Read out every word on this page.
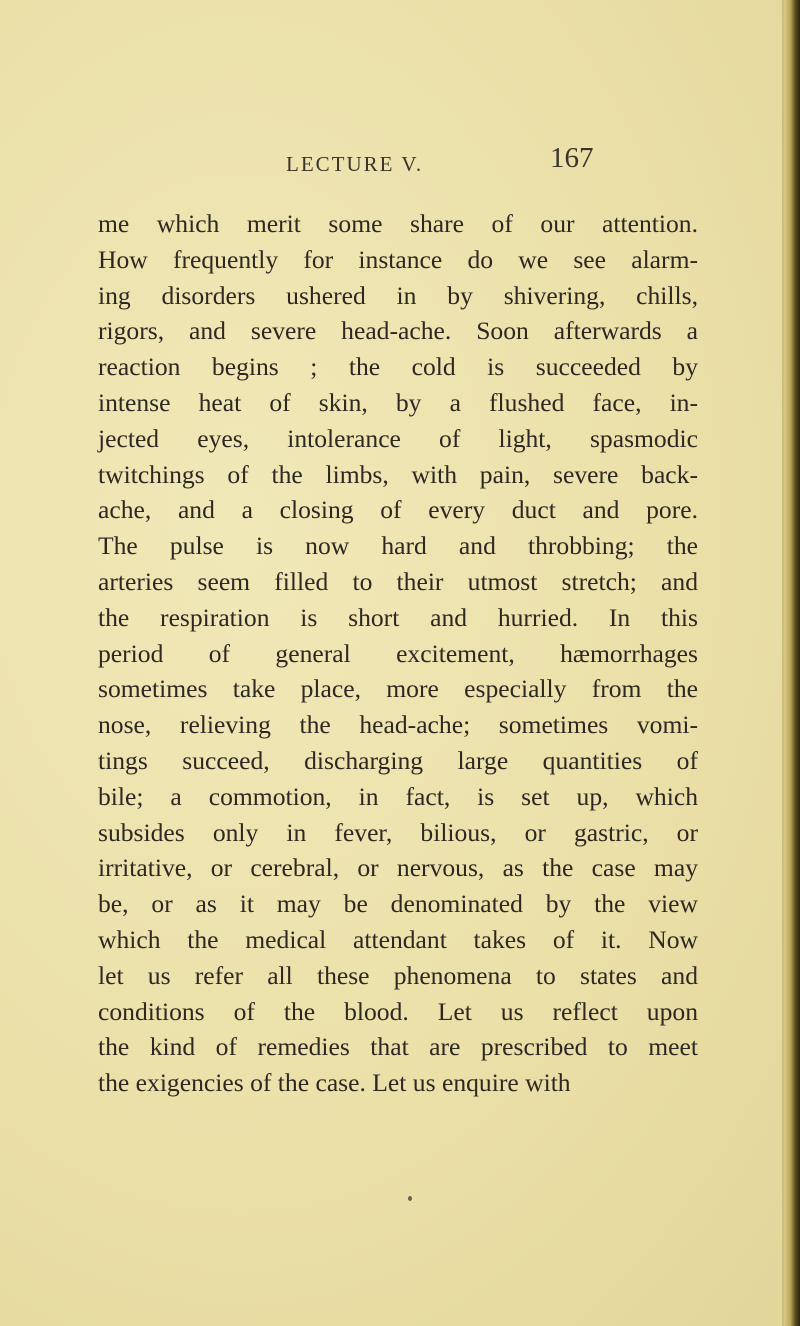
LECTURE V.	167
me which merit some share of our attention.
How frequently for instance do we see alarm-
ing disorders ushered in by shivering, chills,
rigors, and severe head-ache. Soon afterwards a
reaction begins ; the cold is succeeded by
intense heat of skin, by a flushed face, in-
jected eyes, intolerance of light, spasmodic
twitchings of the limbs, with pain, severe back-
ache, and a closing of every duct and pore.
The pulse is now hard and throbbing; the
arteries seem filled to their utmost stretch; and
the respiration is short and hurried. In this
period of general excitement, hæmorrhages
sometimes take place, more especially from the
nose, relieving the head-ache; sometimes vomi-
tings succeed, discharging large quantities of
bile; a commotion, in fact, is set up, which
subsides only in fever, bilious, or gastric, or
irritative, or cerebral, or nervous, as the case may
be, or as it may be denominated by the view
which the medical attendant takes of it. Now
let us refer all these phenomena to states and
conditions of the blood. Let us reflect upon
the kind of remedies that are prescribed to meet
the exigencies of the case. Let us enquire with
